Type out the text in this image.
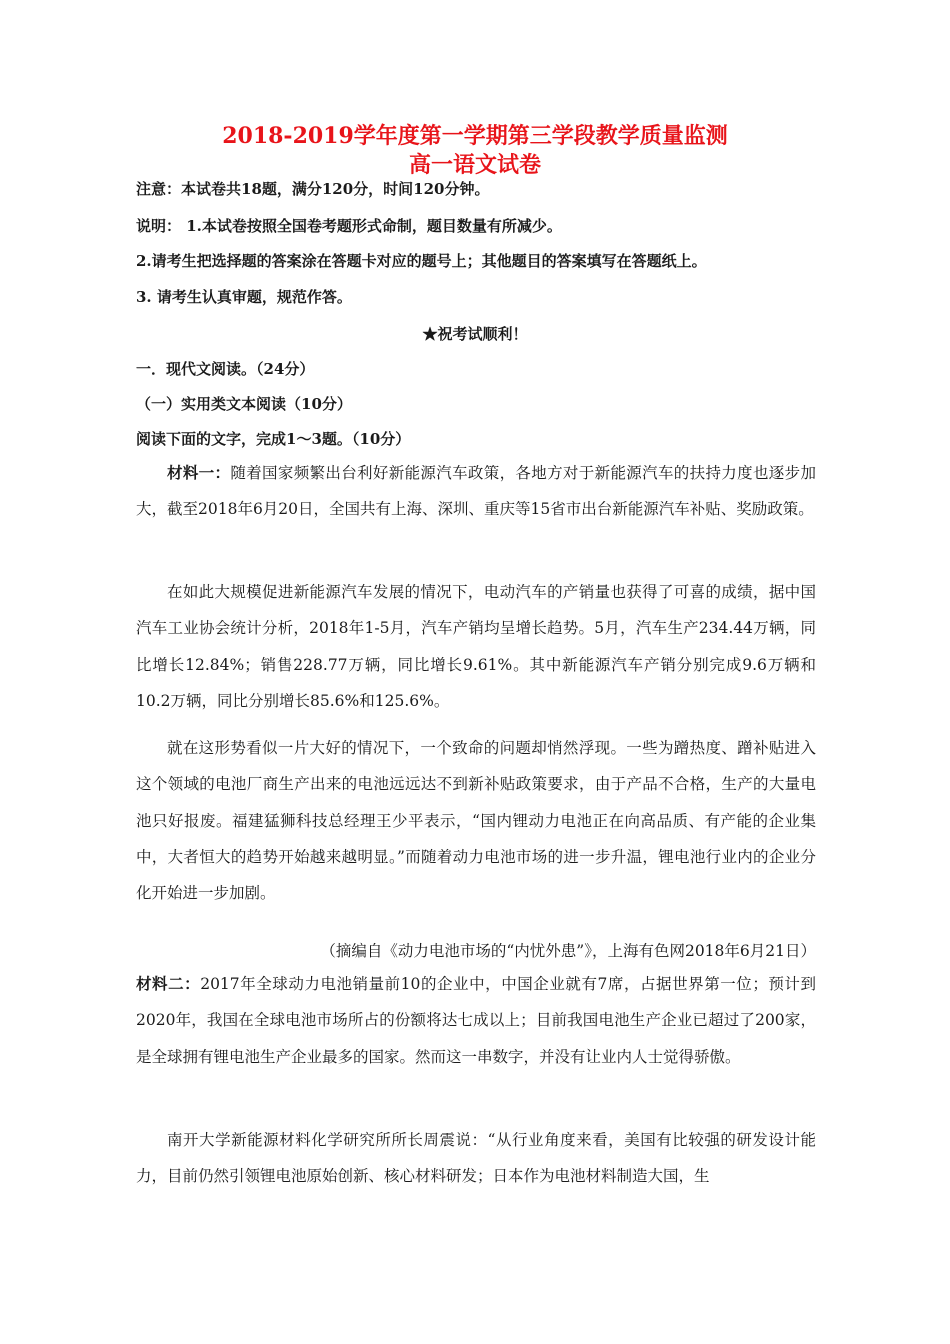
2018-2019学年度第一学期第三学段教学质量监测
高一语文试卷
注意：本试卷共18题，满分120分，时间120分钟。
说明： 1.本试卷按照全国卷考题形式命制，题目数量有所减少。
2.请考生把选择题的答案涂在答题卡对应的题号上；其他题目的答案填写在答题纸上。
3. 请考生认真审题，规范作答。
★祝考试顺利！
一．现代文阅读。（24分）
（一）实用类文本阅读（10分）
阅读下面的文字，完成1～3题。（10分）

材料一：随着国家频繁出台利好新能源汽车政策，各地方对于新能源汽车的扶持力度也逐步加大，截至2018年6月20日，全国共有上海、深圳、重庆等15省市出台新能源汽车补贴、奖励政策。

在如此大规模促进新能源汽车发展的情况下，电动汽车的产销量也获得了可喜的成绩，据中国汽车工业协会统计分析，2018年1-5月，汽车产销均呈增长趋势。5月，汽车生产234.44万辆，同比增长12.84%；销售228.77万辆，同比增长9.61%。其中新能源汽车产销分别完成9.6万辆和10.2万辆，同比分别增长85.6%和125.6%。

就在这形势看似一片大好的情况下，一个致命的问题却悄然浮现。一些为蹭热度、蹭补贴进入这个领域的电池厂商生产出来的电池远远达不到新补贴政策要求，由于产品不合格，生产的大量电池只好报废。福建猛狮科技总经理王少平表示，“国内锂动力电池正在向高品质、有产能的企业集中，大者恒大的趋势开始越来越明显。”而随着动力电池市场的进一步升温，锂电池行业内的企业分化开始进一步加剧。

（摘编自《动力电池市场的“内忧外患”》，上海有色网2018年6月21日）

材料二：2017年全球动力电池销量前10的企业中，中国企业就有7席，占据世界第一位；预计到2020年，我国在全球电池市场所占的份额将达七成以上；目前我国电池生产企业已超过了200家，是全球拥有锂电池生产企业最多的国家。然而这一串数字，并没有让业内人士觉得骄傲。

南开大学新能源材料化学研究所所长周震说：“从行业角度来看，美国有比较强的研发设计能力，目前仍然引领锂电池原始创新、核心材料研发；日本作为电池材料制造大国，生
